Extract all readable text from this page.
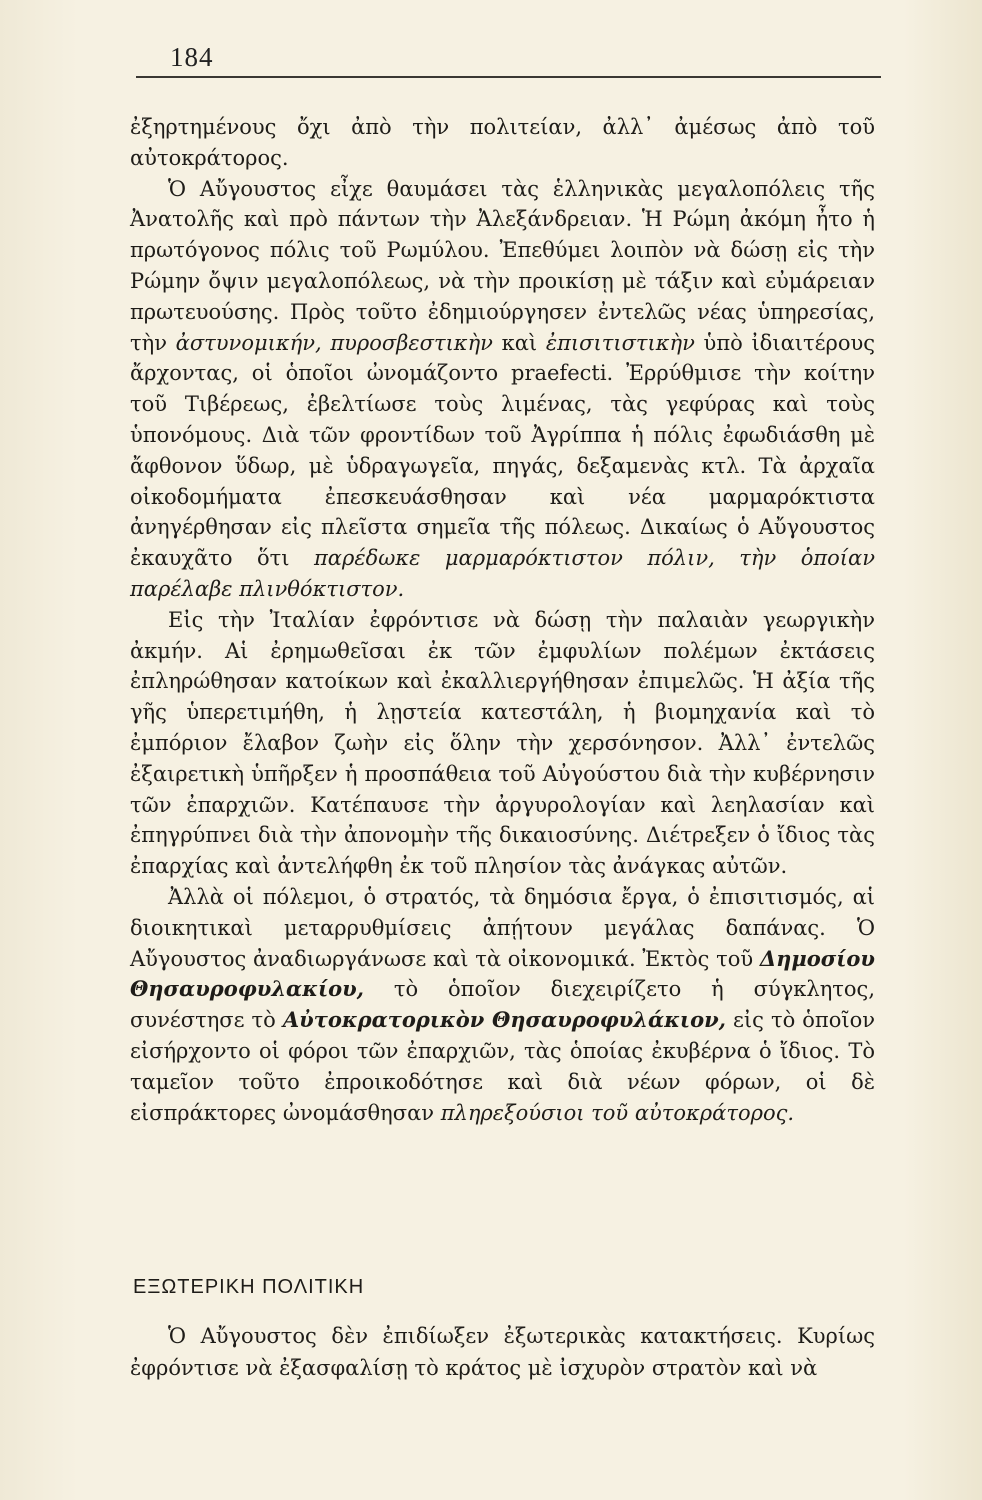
184

ἐξηρτημένους ὄχι ἀπὸ τὴν πολιτείαν, ἀλλ᾽ ἀμέσως ἀπὸ τοῦ αὐτοκράτορος.

Ὁ Αὔγουστος εἶχε θαυμάσει τὰς ἑλληνικὰς μεγαλοπόλεις τῆς Ἀνατολῆς καὶ πρὸ πάντων τὴν Ἀλεξάνδρειαν. Ἡ Ρώμη ἀκόμη ἦτο ἡ πρωτόγονος πόλις τοῦ Ρωμύλου. Ἐπεθύμει λοιπὸν νὰ δώσῃ εἰς τὴν Ρώμην ὄψιν μεγαλοπόλεως, νὰ τὴν προικίσῃ μὲ τάξιν καὶ εὐμάρειαν πρωτευούσης. Πρὸς τοῦτο ἐδημιούργησεν ἐντελῶς νέας ὑπηρεσίας, τὴν ἀστυνομικήν, πυροσβεστικὴν καὶ ἐπισιτιστικὴν ὑπὸ ἰδιαιτέρους ἄρχοντας, οἱ ὁποῖοι ὠνομάζοντο praefecti. Ἐρρύθμισε τὴν κοίτην τοῦ Τιβέρεως, ἐβελτίωσε τοὺς λιμένας, τὰς γεφύρας καὶ τοὺς ὑπονόμους. Διὰ τῶν φροντίδων τοῦ Ἀγρίππα ἡ πόλις ἐφωδιάσθη μὲ ἄφθονον ὕδωρ, μὲ ὑδραγωγεῖα, πηγάς, δεξαμενὰς κτλ. Τὰ ἀρχαῖα οἰκοδομήματα ἐπεσκευάσθησαν καὶ νέα μαρμαρόκτιστα ἀνηγέρθησαν εἰς πλεῖστα σημεῖα τῆς πόλεως. Δικαίως ὁ Αὔγουστος ἐκαυχᾶτο ὅτι παρέδωκε μαρμαρόκτιστον πόλιν, τὴν ὁποίαν παρέλαβε πλινθόκτιστον.

Εἰς τὴν Ἰταλίαν ἐφρόντισε νὰ δώσῃ τὴν παλαιὰν γεωργικὴν ἀκμήν. Αἱ ἐρημωθεῖσαι ἐκ τῶν ἐμφυλίων πολέμων ἐκτάσεις ἐπληρώθησαν κατοίκων καὶ ἐκαλλιεργήθησαν ἐπιμελῶς. Ἡ ἀξία τῆς γῆς ὑπερετιμήθη, ἡ λῃστεία κατεστάλη, ἡ βιομηχανία καὶ τὸ ἐμπόριον ἔλαβον ζωὴν εἰς ὅλην τὴν χερσόνησον. Ἀλλ᾽ ἐντελῶς ἐξαιρετικὴ ὑπῆρξεν ἡ προσπάθεια τοῦ Αὐγούστου διὰ τὴν κυβέρνησιν τῶν ἐπαρχιῶν. Κατέπαυσε τὴν ἀργυρολογίαν καὶ λεηλασίαν καὶ ἐπηγρύπνει διὰ τὴν ἀπονομὴν τῆς δικαιοσύνης. Διέτρεξεν ὁ ἴδιος τὰς ἐπαρχίας καὶ ἀντελήφθη ἐκ τοῦ πλησίον τὰς ἀνάγκας αὐτῶν.

Ἀλλὰ οἱ πόλεμοι, ὁ στρατός, τὰ δημόσια ἔργα, ὁ ἐπισιτισμός, αἱ διοικητικαὶ μεταρρυθμίσεις ἀπῄτουν μεγάλας δαπάνας. Ὁ Αὔγουστος ἀναδιωργάνωσε καὶ τὰ οἰκονομικά. Ἐκτὸς τοῦ Δημοσίου Θησαυροφυλακίου, τὸ ὁποῖον διεχειρίζετο ἡ σύγκλητος, συνέστησε τὸ Αὐτοκρατορικὸν Θησαυροφυλάκιον, εἰς τὸ ὁποῖον εἰσήρχοντο οἱ φόροι τῶν ἐπαρχιῶν, τὰς ὁποίας ἐκυβέρνα ὁ ἴδιος. Τὸ ταμεῖον τοῦτο ἐπροικοδότησε καὶ διὰ νέων φόρων, οἱ δὲ εἰσπράκτορες ὠνομάσθησαν πληρεξούσιοι τοῦ αὐτοκράτορος.

ΕΞΩΤΕΡΙΚΗ ΠΟΛΙΤΙΚΗ

Ὁ Αὔγουστος δὲν ἐπιδίωξεν ἐξωτερικὰς κατακτήσεις. Κυρίως ἐφρόντισε νὰ ἐξασφαλίσῃ τὸ κράτος μὲ ἰσχυρὸν στρατὸν καὶ νὰ
